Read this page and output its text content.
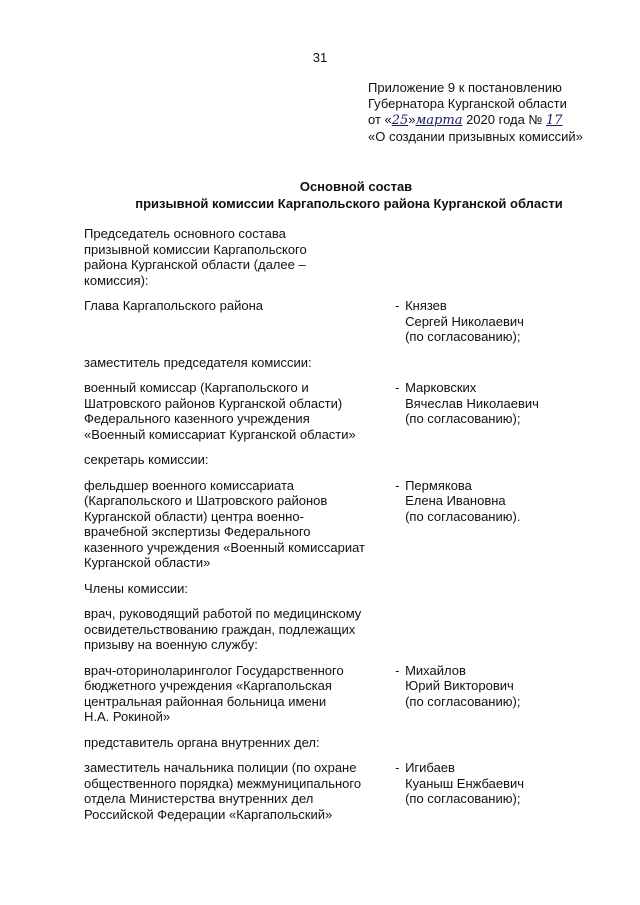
31
Приложение 9 к постановлению
Губернатора Курганской области
от «25»марта 2020 года № 17
«О создании призывных комиссий»
Основной состав
призывной комиссии Каргапольского района Курганской области
Председатель основного состава
призывной комиссии Каргапольского
района Курганской области (далее –
комиссия):
Глава Каргапольского района	- Князев
Сергей Николаевич
(по согласованию);
заместитель председателя комиссии:
военный комиссар (Каргапольского и
Шатровского районов Курганской области)
Федерального казенного учреждения
«Военный комиссариат Курганской области»
- Марковских
Вячеслав Николаевич
(по согласованию);
секретарь комиссии:
фельдшер военного комиссариата
(Каргапольского и Шатровского районов
Курганской области) центра военно-
врачебной экспертизы Федерального
казенного учреждения «Военный комиссариат
Курганской области»
- Пермякова
Елена Ивановна
(по согласованию).
Члены комиссии:
врач, руководящий работой по медицинскому
освидетельствованию граждан, подлежащих
призыву на военную службу:
врач-оториноларинголог Государственного
бюджетного учреждения «Каргапольская
центральная районная больница имени
Н.А. Рокиной»
- Михайлов
Юрий Викторович
(по согласованию);
представитель органа внутренних дел:
заместитель начальника полиции (по охране
общественного порядка) межмуниципального
отдела Министерства внутренних дел
Российской Федерации «Каргапольский»
- Игибаев
Куаныш Енжбаевич
(по согласованию);
